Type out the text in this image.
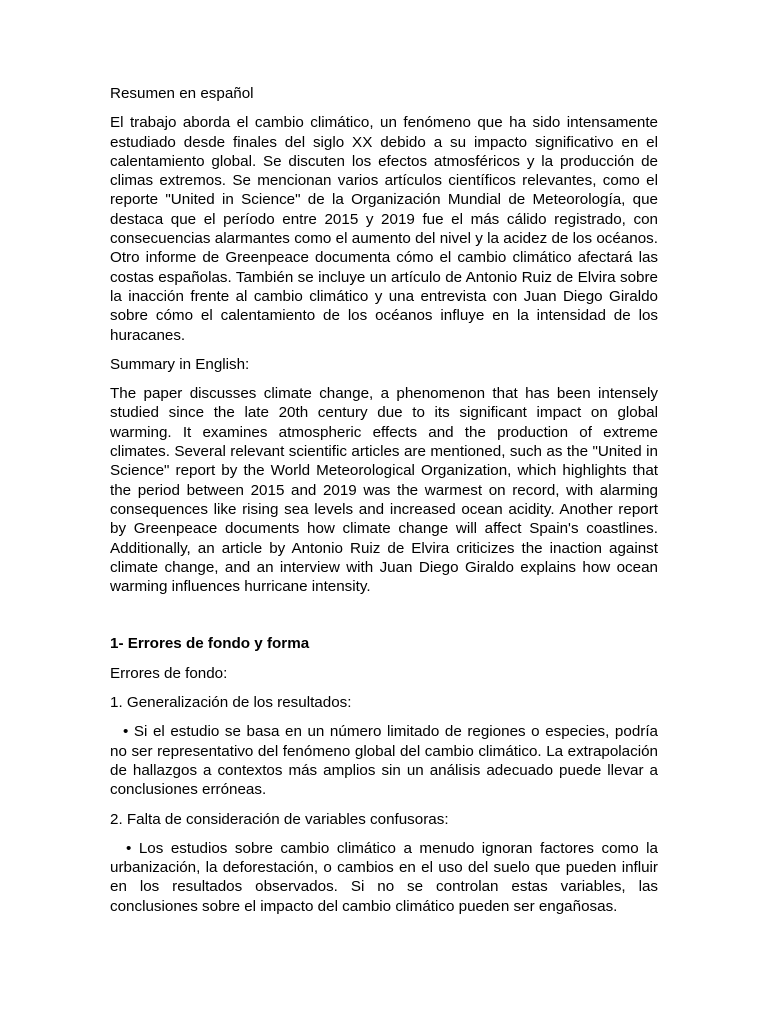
Resumen en español

El trabajo aborda el cambio climático, un fenómeno que ha sido intensamente estudiado desde finales del siglo XX debido a su impacto significativo en el calentamiento global. Se discuten los efectos atmosféricos y la producción de climas extremos. Se mencionan varios artículos científicos relevantes, como el reporte "United in Science" de la Organización Mundial de Meteorología, que destaca que el período entre 2015 y 2019 fue el más cálido registrado, con consecuencias alarmantes como el aumento del nivel y la acidez de los océanos. Otro informe de Greenpeace documenta cómo el cambio climático afectará las costas españolas. También se incluye un artículo de Antonio Ruiz de Elvira sobre la inacción frente al cambio climático y una entrevista con Juan Diego Giraldo sobre cómo el calentamiento de los océanos influye en la intensidad de los huracanes.

Summary in English:

The paper discusses climate change, a phenomenon that has been intensely studied since the late 20th century due to its significant impact on global warming. It examines atmospheric effects and the production of extreme climates. Several relevant scientific articles are mentioned, such as the "United in Science" report by the World Meteorological Organization, which highlights that the period between 2015 and 2019 was the warmest on record, with alarming consequences like rising sea levels and increased ocean acidity. Another report by Greenpeace documents how climate change will affect Spain's coastlines. Additionally, an article by Antonio Ruiz de Elvira criticizes the inaction against climate change, and an interview with Juan Diego Giraldo explains how ocean warming influences hurricane intensity.

1- Errores de fondo y forma

Errores de fondo:

1. Generalización de los resultados:

• Si el estudio se basa en un número limitado de regiones o especies, podría no ser representativo del fenómeno global del cambio climático. La extrapolación de hallazgos a contextos más amplios sin un análisis adecuado puede llevar a conclusiones erróneas.

2. Falta de consideración de variables confusoras:

• Los estudios sobre cambio climático a menudo ignoran factores como la urbanización, la deforestación, o cambios en el uso del suelo que pueden influir en los resultados observados. Si no se controlan estas variables, las conclusiones sobre el impacto del cambio climático pueden ser engañosas.
